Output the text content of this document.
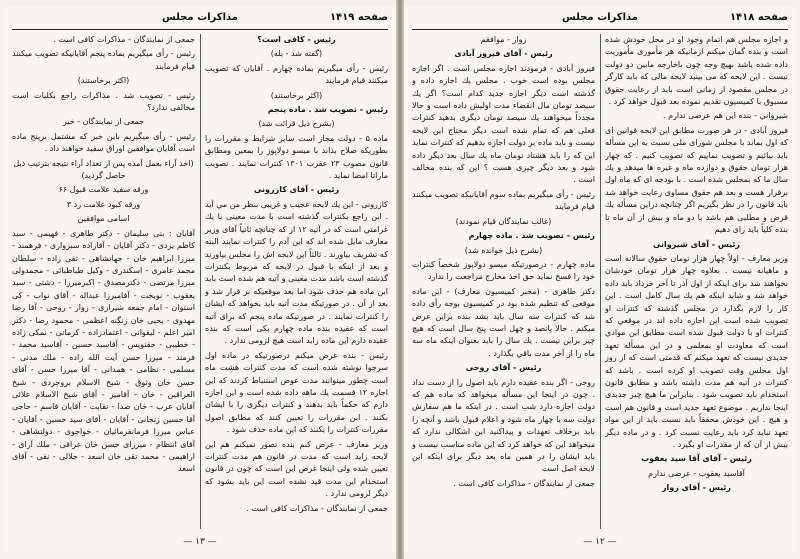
صفحه ۱۴۱۹
مذاکرات مجلس

رئيس - كافى است؟

(گفته شد - بله)

رئيس - رأى ميگيريم بماده چهارم . آقايان كه تصويب ميكنند قيام فرمايند

(اكثر برخاستند)

رئيس - تصويب شد . ماده پنجم

(بشرح ذيل قرائت شد)

ماده ۵ - دولت مجاز است ساير شرايط و مقررات را بطوريكه صلاح بداند با ميسو دولاپوز را بمعين ومطابق قانون مصوب ۲۳ عقرب ۱۳۰۱ كنترات نمايند . تصويب ماراتا امضا نمايد .

رئيس - آقاى كازرونى

كازرونى - اين يك لايحه عجيب و غريبى بنظر من مي آيد . اين راجع بكنترات گذشته است با مدت معينى يا يك غرامتي است كه در آتيه ۱۲ از كه چنانچه ثانياً آقاى وزير معارف مايل شده اند كه اين آدم را كنترات نمايند البته كه تشريف بياورند . ثالثاً اين لايحه اش را مجلس بياورند و بعد از اينكه با قبول در لايحه كه مربوط بكنترات گذشته است باشد مدت معينى و آتيه هم شده است بايد اين ماده هم حذف شود اما بعد موقعيكه بر قرار شد و بعد از آن . در صورتيكه مدت آتيه بايد بخواهد كه ايشان را كنترات نمايند . در صورتيكه ماده پنجم كه براى آتيه است كه عقيده بنده ماده چهارم يكى است كه بنده عقيده دارم اين ماده زايد است هيچ لزومى ندارد .

رئيس - بنده عرض ميكنم درصورتيكه در ماده اول سرجوا نوشته شده است كه مدت كنترات هشت ماه است چطور ميتوانند مدت عوض استنباط كردند كه اين اجازه ۱۲ قسمت يك ماهه داده شده است و اين اجازه دارم كه حكماً بايد بدهند و كنترات ديگرى را با ايشان بكنند . اين مقررات را تعيين كنند كه مطابق اصول مقررات كنترات را بكنند كه اين ماده حذف شود .

وزير معارف - عرض كنم بنده تصور نميكنم هم اين لايحه زايد است كه مدت در قانون هم مدت كنترات تعيين شده ولى اينجا غرض اين است كه چون در قانون استخدام اين مدت قيد نشده است اين بايد بشود كه ديگر لزومى ندارد .

جمعى از نمايندگان - مذاكرات كافى است .

جمعى از نمايندگان - مذاكرات كافى است .

رئيس - رأى ميگيريم بماده پنجم آقايانيكه تصويب ميكنند قيام فرمايند

(اكثر برخاستند)

رئيس - تصويب شد . مذاكرات راجع بكليات است مخالفى ندارد؟

جمعى از نمايندگان - خير

رئيس - رأى ميگيريم باين خبر كه مشتمل برپنج ماده است آقايان موافقين اوراق سفيد خواهند داد .

(اخذ آراء بعمل آمده پس از تعداد آراء نتيجه بترتيب ذيل حاصل گرديد)

ورقه سفيد علامت قبول ۶۶

ورقه كبود علامت رد ۳

اسامى موافقين

آقايان : بنى سليمان - دكتر طاهرى - فهيمى - سيد كاظم يزدى - دكتر آقايان - آقازاده سبزوارى - فرهمند - ميرزا ابراهيم خان - جهانشاهى - تقى زاده - سلطان محمد عامرى - اسكندرى - وكيل طباطبائى - محمدولى ميرزا مرتضى - دكترمصدق - اكبرميرزا - دشتى - سيد يعقوب - نوبخت - آقاميرزا عبداله - آقاى نواب - كى استوان - امام جمعه شيرازى - زوار - روحى - آقا رضا مهدوى - يحيى خان زنگنه اعظمى - محمود رضا - دكتر امير اعلم - ليقوانى - اعتمادزاده - كرمانى - نمكى زاده - خطيبى - حقنويس - آقاسيد حسين - آقاسيد محمد - فرمند - ميرزا حسن آيت الله زاده - ملك مدنى - مسلمى - نظامى - همدانى - آقا ميرزا حسن - آقاى حسن خان وثوق - شيخ الاسلام بروجردى - شيخ العراقين - خان - آقامير - آقاى شيخ الاسلام علائى آقايان عرب - خان صدا - نقابت - آقايان قاسم - حاجى آقا حسين زنجانى - آقايان - آقاى سيد حسين - آقايان - عباس ميرزا فرمانفرمائيان - خواجوى - دولتشاهى - آقاى انتظام - ميرزاى حسن خان عراقى - ملك آراى - اراهيمى - محمد تقى خان اسعد - جلالى - نقى - آقاى اسعد

— ۱۳ —
صفحه ۱۴۱۸
مذاكرات مجلس

و اجازه مجلس هم اتمام وجود او در محل خودش شده است و بنده گمان ميكنم ازمانيكه هر مأمورى مأموريت داده شده باشد بهيچ وجه چون باخارجه مابين دو دولت نيست . اين لايحه كه مى بينيد لايحه مالى كه بايد كارگر در مجلس مقصود از زمانى است بايد از رعايت حقوق مسبوق با كميسيون تقديم نموده بعد قبول خواهد كرد .

شيرواني - بنده اين هم عرضى ندارم .

فيروز آبادى - در هر صورت مطابق اين لايحه قوانين اى كه اول بماند با مجلس شوراى ملى نسبت به اين مسأله بايد بيائيم و تصويب نماييم كه تصويب كنيم . كه چهار هزار تومان حقوق و دوازده ماه و غيره ها ميدهد و يك سال ما كه بمجلس شده است . با بودجه اى كه ماه اول برقرار هست و بعد هم حقوق مساوى رعايت خواهد شد بايد قانون را در نظر بگيريم اگر چنانچه دراين مسأله يك قرض و مطلبى هم باشد با دو ماه و بيش از آن ماه تا بنده كلياً بايد راى دهيم

رئيس - آقاى شيروانى

وزير معارف - اولاً چهار هزار تومان حقوق سالانه است و ماهيانه نيست . بعلاوه چهار هزار تومان خودشان نخواهند شد براى اينكه از اول آذر تا آخر خرداد بايد داده خواهد شد و شايد اينكه هم يك سال كامل است . اين كار را لازم بگذارد در مجلس گذشته كه كنترات او تصويب شده است اين اجازه داده اند در موقعي كه كنترات او با دولت قبول شده است مطابق اين موادي است كه معاودت او بمعلمى و در اين مسأله تعهد جديدى نيست كه تعهد ميكنم كه قدمتى است كه از روز اول مجلس وقت تصويب او كرده است . باشد كه كنترات در آتيه هم مدت داشته باشد و مطابق قانون استخدام بايد تصويب شود . بنابراين ما هيچ چيز جديدى اينجا نداريم . موضوع تعهد جديد است و قانون هم است و هيچ . اين خودش محققاً بايد نسبت بايد از اين مواد تعهد نبايد كرد بايد رعايت نسبت كرد . و در ماده ديگر بيش از آن كه از مقدرات او بگيرد .

رئيس - آقاى آقا سيد يعقوب

آقاسيد يعقوب - عرضى ندارم

رئيس - آقاى زوار

زوار - موافقم

رئيس - آقاى فيروز آبادى

فيروز آبادى - فرمودند اجازه مجلس است . اگر اجازه مجلس بوده است خوب . مجلس يك اجازه داده و گذشته است ديگر اجازه جديد كدام است؟ اگر يك سيصد تومان مال انقضاء مدت اوليش داده است و حالا مجدداً ميخواهند يك سيصد تومان ديگرى بدهيد كنترات فعلى هم كه تمام شده است ديگر محتاج اين لايحه نيست و بايد ماده بر دولت اجازه بدهيم كه كنترات نمايد اين كه را بايد هشتاد تومان ماه يك سال بعد ديگر داده شود و بعد ديگر چيزى هست ؟ اين كه بنده مخالف است .

رئيس - رأى ميگيريم بماده سوم آقايانيكه تصويب ميكنند قيام فرمايند

(غالب نمايندگان قيام نمودند)

رئيس - تصويب شد . ماده چهارم

(بشرح ذيل خوانده شد)

ماده چهارم - درصورتيكه ميسو دولاپوز شخصاً كنترات خود را فسخ نمايد حق اخذ مخارج مراجعت را ندارد

دكتر طاهرى - (مخبر كميسيون معارف) - اين ماده موقعى كه تنظيم شده بود در كميسيون بوجه رأى داده شد كه كنترات سه سال بايد بشد بنده براين عرض ميكنم . حالا پانصد و چهل است پنج سال است كه هيچ چيز براين نيست . يك سال را بايد بعنوان اينكه ماه سه ماه را از آخر مدت باقي بگذارد .

رئيس - آقاى روحى

روحى - اگر بنده عقيده دارم بايد اصول را از دست نداد . چون در اينجا اين مسأله ميخواهد كه ماده هم كه دولت اجازه دارد شب است . در اينكه ما هم سفارش دولت سه يا چهار ماه شود و اعلام قبول باشد و آنچه را بايد برخلاف تعهدات و پيداكنيد اين اشكالى ندارد كه ميخواهد اين كه خواهد كرد كه اين ماده مناسب نيست و بايد ايشان را در همين ماه بعد ديگر براى اينكه اين لايحه اصل است

جمعى از نمايندگان - مذاكرات كافى است .

— ۱۲ —
